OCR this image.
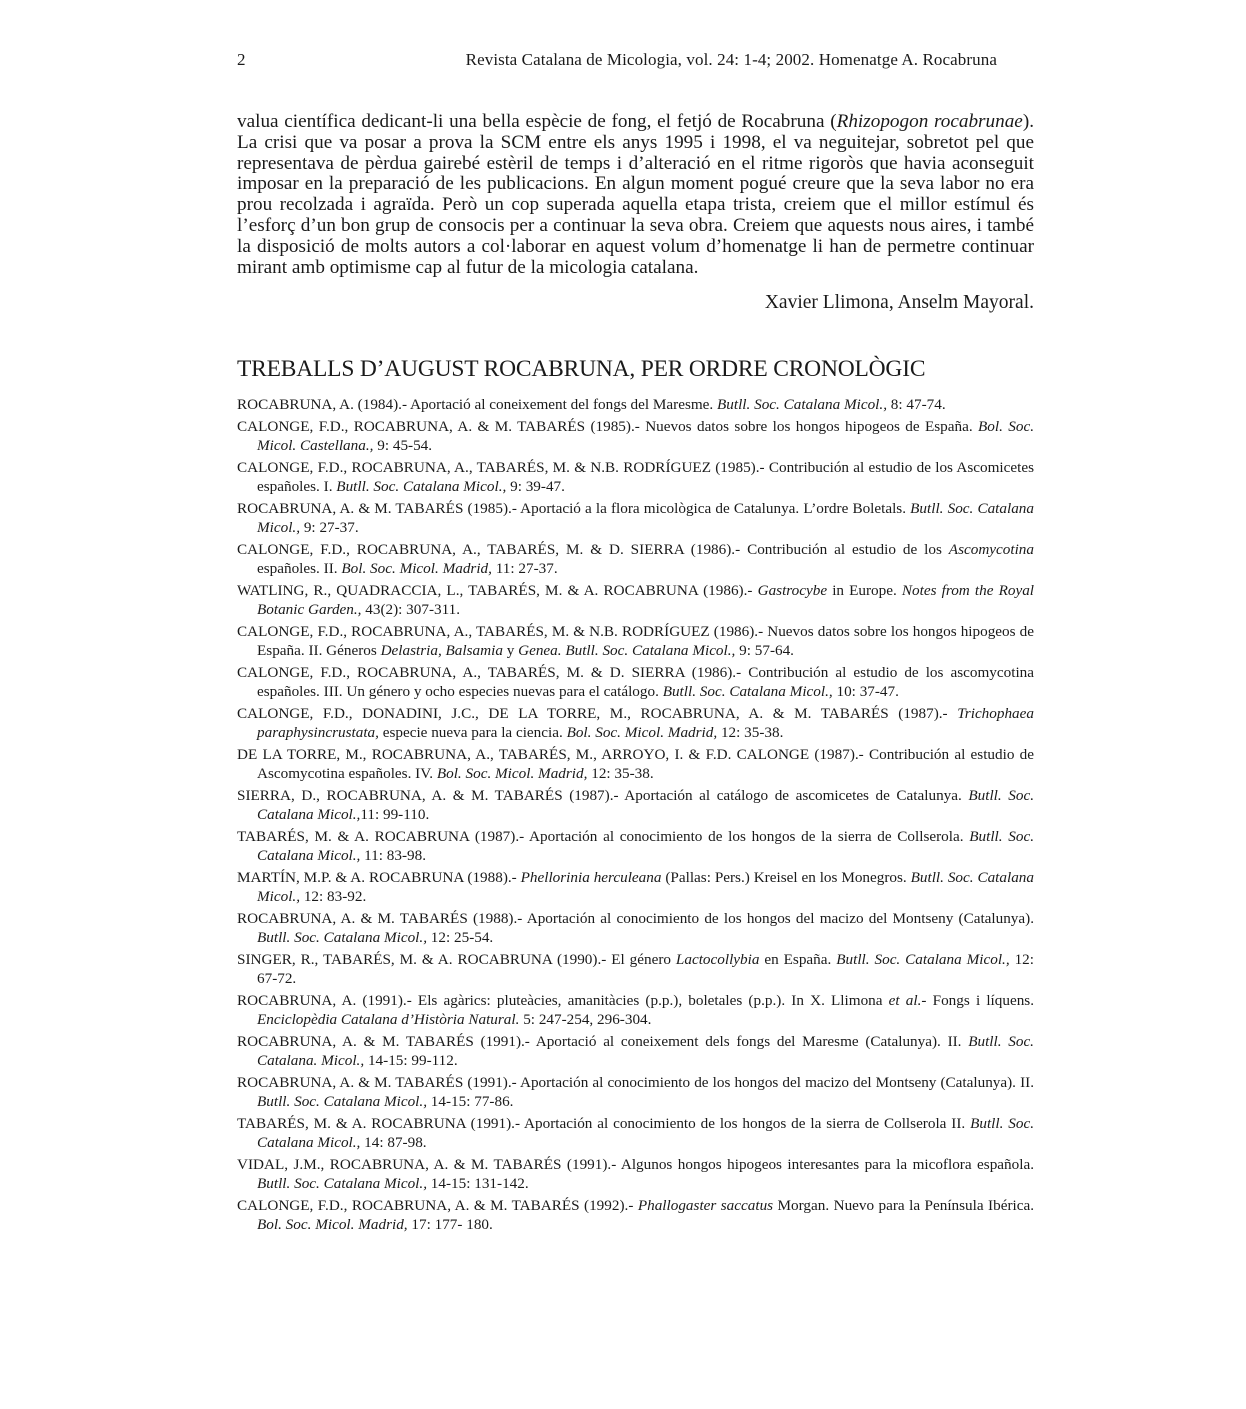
2	Revista Catalana de Micologia, vol. 24: 1-4; 2002. Homenatge A. Rocabruna

valua científica dedicant-li una bella espècie de fong, el fetjó de Rocabruna (Rhizopogon rocabrunae). La crisi que va posar a prova la SCM entre els anys 1995 i 1998, el va neguitejar, sobretot pel que representava de pèrdua gairebé estèril de temps i d’alteració en el ritme rigoròs que havia aconseguit imposar en la preparació de les publicacions. En algun moment pogué creure que la seva labor no era prou recolzada i agraïda. Però un cop superada aquella etapa trista, creiem que el millor estímul és l’esforç d’un bon grup de consocis per a continuar la seva obra. Creiem que aquests nous aires, i també la disposició de molts autors a col·laborar en aquest volum d’homenatge li han de permetre continuar mirant amb optimisme cap al futur de la micologia catalana.

Xavier Llimona, Anselm Mayoral.
TREBALLS D’AUGUST ROCABRUNA, PER ORDRE CRONOLÒGIC

ROCABRUNA, A. (1984).- Aportació al coneixement del fongs del Maresme. Butll. Soc. Catalana Micol., 8: 47-74.

CALONGE, F.D., ROCABRUNA, A. & M. TABARÉS (1985).- Nuevos datos sobre los hongos hipogeos de España. Bol. Soc. Micol. Castellana., 9: 45-54.

CALONGE, F.D., ROCABRUNA, A., TABARÉS, M. & N.B. RODRÍGUEZ (1985).- Contribución al estudio de los Ascomicetes españoles. I. Butll. Soc. Catalana Micol., 9: 39-47.

ROCABRUNA, A. & M. TABARÉS (1985).- Aportació a la flora micològica de Catalunya. L’ordre Boletals. Butll. Soc. Catalana Micol., 9: 27-37.

CALONGE, F.D., ROCABRUNA, A., TABARÉS, M. & D. SIERRA (1986).- Contribución al estudio de los Ascomycotina españoles. II. Bol. Soc. Micol. Madrid, 11: 27-37.

WATLING, R., QUADRACCIA, L., TABARÉS, M. & A. ROCABRUNA (1986).- Gastrocybe in Europe. Notes from the Royal Botanic Garden., 43(2): 307-311.

CALONGE, F.D., ROCABRUNA, A., TABARÉS, M. & N.B. RODRÍGUEZ (1986).- Nuevos datos sobre los hongos hipogeos de España. II. Géneros Delastria, Balsamia y Genea. Butll. Soc. Catalana Micol., 9: 57-64.

CALONGE, F.D., ROCABRUNA, A., TABARÉS, M. & D. SIERRA (1986).- Contribución al estudio de los ascomycotina españoles. III. Un género y ocho especies nuevas para el catálogo. Butll. Soc. Catalana Micol., 10: 37-47.

CALONGE, F.D., DONADINI, J.C., DE LA TORRE, M., ROCABRUNA, A. & M. TABARÉS (1987).- Trichophaea paraphysincrustata, especie nueva para la ciencia. Bol. Soc. Micol. Madrid, 12: 35-38.

DE LA TORRE, M., ROCABRUNA, A., TABARÉS, M., ARROYO, I. & F.D. CALONGE (1987).- Contribución al estudio de Ascomycotina españoles. IV. Bol. Soc. Micol. Madrid, 12: 35-38.

SIERRA, D., ROCABRUNA, A. & M. TABARÉS (1987).- Aportación al catálogo de ascomicetes de Catalunya. Butll. Soc. Catalana Micol.,11: 99-110.

TABARÉS, M. & A. ROCABRUNA (1987).- Aportación al conocimiento de los hongos de la sierra de Collserola. Butll. Soc. Catalana Micol., 11: 83-98.

MARTÍN, M.P. & A. ROCABRUNA (1988).- Phellorinia herculeana (Pallas: Pers.) Kreisel en los Monegros. Butll. Soc. Catalana Micol., 12: 83-92.

ROCABRUNA, A. & M. TABARÉS (1988).- Aportación al conocimiento de los hongos del macizo del Montseny (Catalunya). Butll. Soc. Catalana Micol., 12: 25-54.

SINGER, R., TABARÉS, M. & A. ROCABRUNA (1990).- El género Lactocollybia en España. Butll. Soc. Catalana Micol., 12: 67-72.

ROCABRUNA, A. (1991).- Els agàrics: pluteàcies, amanitàcies (p.p.), boletales (p.p.). In X. Llimona et al.- Fongs i líquens. Enciclopèdia Catalana d’Història Natural. 5: 247-254, 296-304.

ROCABRUNA, A. & M. TABARÉS (1991).- Aportació al coneixement dels fongs del Maresme (Catalunya). II. Butll. Soc. Catalana. Micol., 14-15: 99-112.

ROCABRUNA, A. & M. TABARÉS (1991).- Aportación al conocimiento de los hongos del macizo del Montseny (Catalunya). II. Butll. Soc. Catalana Micol., 14-15: 77-86.

TABARÉS, M. & A. ROCABRUNA (1991).- Aportación al conocimiento de los hongos de la sierra de Collserola II. Butll. Soc. Catalana Micol., 14: 87-98.

VIDAL, J.M., ROCABRUNA, A. & M. TABARÉS (1991).- Algunos hongos hipogeos interesantes para la micoflora española. Butll. Soc. Catalana Micol., 14-15: 131-142.

CALONGE, F.D., ROCABRUNA, A. & M. TABARÉS (1992).- Phallogaster saccatus Morgan. Nuevo para la Península Ibérica. Bol. Soc. Micol. Madrid, 17: 177- 180.
